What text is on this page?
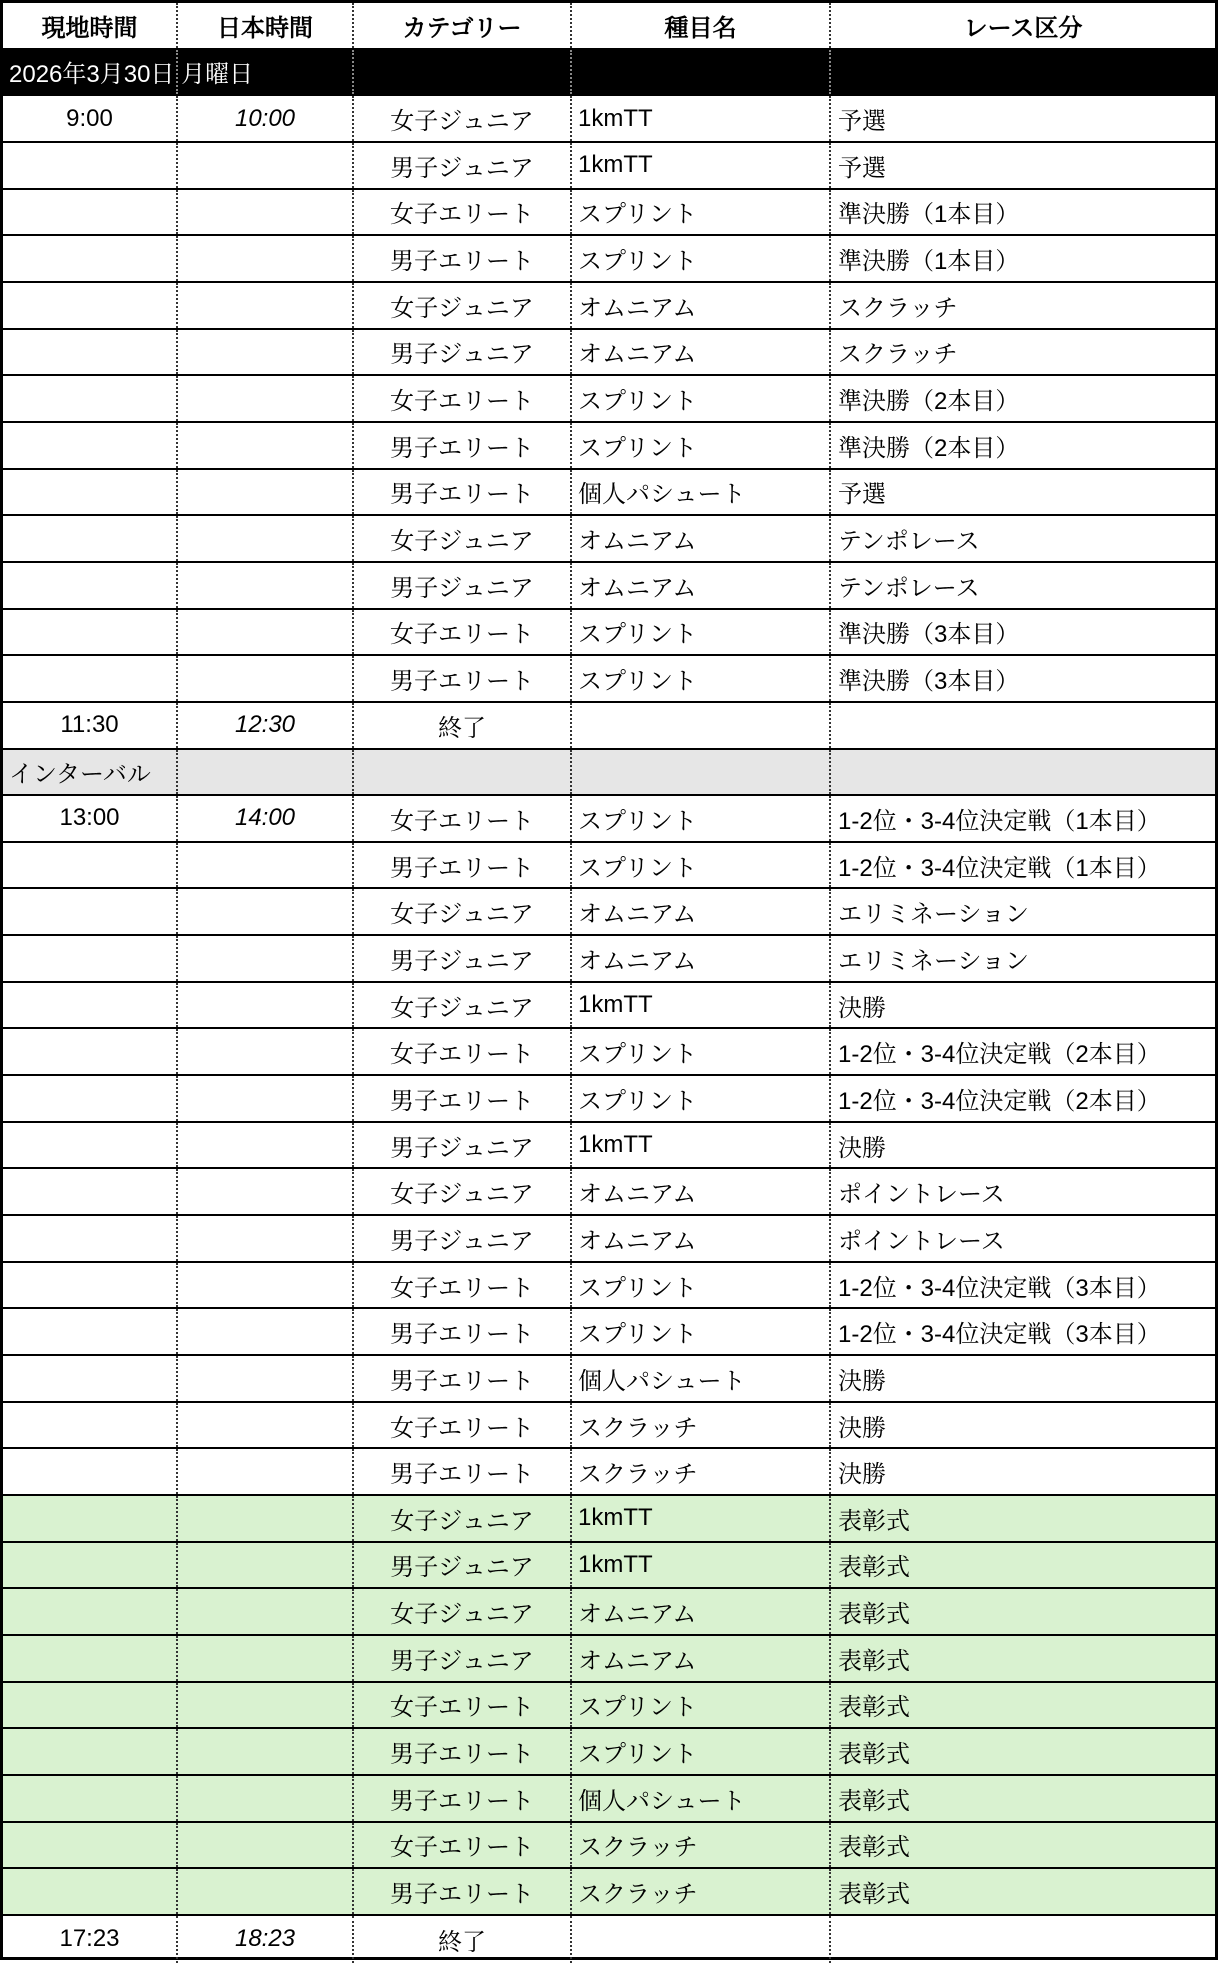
現地時間	日本時間	カテゴリー	種目名	レース区分
2026年3月30日 月曜日
9:00	10:00	女子ジュニア	1kmTT	予選
男子ジュニア	1kmTT	予選
女子エリート	スプリント	準決勝（1本目）
男子エリート	スプリント	準決勝（1本目）
女子ジュニア	オムニアム	スクラッチ
男子ジュニア	オムニアム	スクラッチ
女子エリート	スプリント	準決勝（2本目）
男子エリート	スプリント	準決勝（2本目）
男子エリート	個人パシュート	予選
女子ジュニア	オムニアム	テンポレース
男子ジュニア	オムニアム	テンポレース
女子エリート	スプリント	準決勝（3本目）
男子エリート	スプリント	準決勝（3本目）
11:30	12:30	終了
インターバル
13:00	14:00	女子エリート	スプリント	1-2位・3-4位決定戦（1本目）
男子エリート	スプリント	1-2位・3-4位決定戦（1本目）
女子ジュニア	オムニアム	エリミネーション
男子ジュニア	オムニアム	エリミネーション
女子ジュニア	1kmTT	決勝
女子エリート	スプリント	1-2位・3-4位決定戦（2本目）
男子エリート	スプリント	1-2位・3-4位決定戦（2本目）
男子ジュニア	1kmTT	決勝
女子ジュニア	オムニアム	ポイントレース
男子ジュニア	オムニアム	ポイントレース
女子エリート	スプリント	1-2位・3-4位決定戦（3本目）
男子エリート	スプリント	1-2位・3-4位決定戦（3本目）
男子エリート	個人パシュート	決勝
女子エリート	スクラッチ	決勝
男子エリート	スクラッチ	決勝
女子ジュニア	1kmTT	表彰式
男子ジュニア	1kmTT	表彰式
女子ジュニア	オムニアム	表彰式
男子ジュニア	オムニアム	表彰式
女子エリート	スプリント	表彰式
男子エリート	スプリント	表彰式
男子エリート	個人パシュート	表彰式
女子エリート	スクラッチ	表彰式
男子エリート	スクラッチ	表彰式
17:23	18:23	終了
